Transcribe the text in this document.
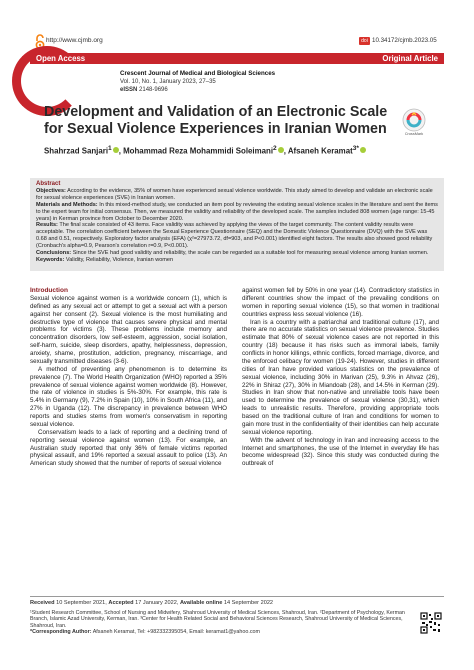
http://www.cjmb.org	doi 10.34172/cjmb.2023.05
Open Access	Original Article
Crescent Journal of Medical and Biological Sciences
Vol. 10, No. 1, January 2023, 27–35
eISSN 2148-9696
Development and Validation of an Electronic Scale for Sexual Violence Experiences in Iranian Women	CrossMark
Shahrzad Sanjari$^1$ , Mohammad Reza Mohammidi Soleimani$^2$ , Afsaneh Keramat$^{3*}$
Abstract

Objectives: According to the evidence, 35% of women have experienced sexual violence worldwide. This study aimed to develop and validate an electronic scale for sexual violence experiences (SVE) in Iranian women.

Materials and Methods: In this mixed-method study, we conducted an item pool by reviewing the existing sexual violence scales in the literature and sent the items to the expert team for initial consensus. Then, we measured the validity and reliability of the developed scale. The samples included 808 women (age range: 15-45 years) in Kerman province from October to December 2020.

Results: The final scale consisted of 43 items. Face validity was achieved by applying the views of the target community. The content validity results were acceptable. The correlation coefficient between the Sexual Experience Questionnaire (SEQ) and the Domestic Violence Questionnaire (DVQ) with the SVE was 0.68 and 0.51, respectively. Exploratory factor analysis (EFA) (χ²=27973.72, df=903, and P<0.001) identified eight factors. The results also showed good reliability (Cronbach's alpha=0.9, Pearson's correlation r=0.9, P<0.001).

Conclusions: Since the SVE had good validity and reliability, the scale can be regarded as a suitable tool for measuring sexual violence among Iranian women.

Keywords: Validity, Reliability, Violence, Iranian women

Introduction

Sexual violence against women is a worldwide concern (1), which is defined as any sexual act or attempt to get a sexual act with a person against her consent (2). Sexual violence is the most humiliating and destructive type of violence that causes severe physical and mental problems for victims (3). These problems include memory and concentration disorders, low self-esteem, aggression, social isolation, self-harm, suicide, sleep disorders, apathy, helplessness, depression, anxiety, shame, prostitution, addiction, pregnancy, miscarriage, and sexually transmitted diseases (3-6).

A method of preventing any phenomenon is to determine its prevalence (7). The World Health Organization (WHO) reported a 35% prevalence of sexual violence against women worldwide (8). However, the rate of violence in studies is 5%-30%. For example, this rate is 5.4% in Germany (9), 7.2% in Spain (10), 10% in South Africa (11), and 27% in Uganda (12). The discrepancy in prevalence between WHO reports and studies stems from women's conservatism in reporting sexual violence.

Conservatism leads to a lack of reporting and a declining trend of reporting sexual violence against women (13). For example, an Australian study reported that only 36% of female victims reported physical assault, and 19% reported a sexual assault to police (13). An American study showed that the number of reports of sexual violence

against women fell by 50% in one year (14). Contradictory statistics in different countries show the impact of the prevailing conditions on women in reporting sexual violence (15), so that women in traditional countries express less sexual violence (16).

Iran is a country with a patriarchal and traditional culture (17), and there are no accurate statistics on sexual violence prevalence. Studies estimate that 80% of sexual violence cases are not reported in this country (18) because it has risks such as immoral labels, family conflicts in honor killings, ethnic conflicts, forced marriage, divorce, and the enforced celibacy for women (19-24). However, studies in different cities of Iran have provided various statistics on the prevalence of sexual violence, including 30% in Marivan (25), 9.3% in Ahvaz (26), 22% in Shiraz (27), 30% in Miandoab (28), and 14.5% in Kerman (29). Studies in Iran show that non-native and unreliable tools have been used to determine the prevalence of sexual violence (30,31), which leads to unrealistic results. Therefore, providing appropriate tools based on the traditional culture of Iran and conditions for women to gain more trust in the confidentiality of their identities can help accurate sexual violence reporting.

With the advent of technology in Iran and increasing access to the Internet and smartphones, the use of the Internet in everyday life has become widespread (32). Since this study was conducted during the outbreak of

Received 10 September 2021, Accepted 17 January 2022, Available online 14 September 2022
¹Student Research Committee, School of Nursing and Midwifery, Shahroud University of Medical Sciences, Shahroud, Iran. ²Department of Psychology, Kerman Branch, Islamic Azad University, Kerman, Iran. ³Center for Health Related Social and Behavioral Sciences Research, Shahroud University of Medical Sciences, Shahroud, Iran.
*Corresponding Author: Afsaneh Keramat, Tel: +982332395054, Email: keramat1@yahoo.com
